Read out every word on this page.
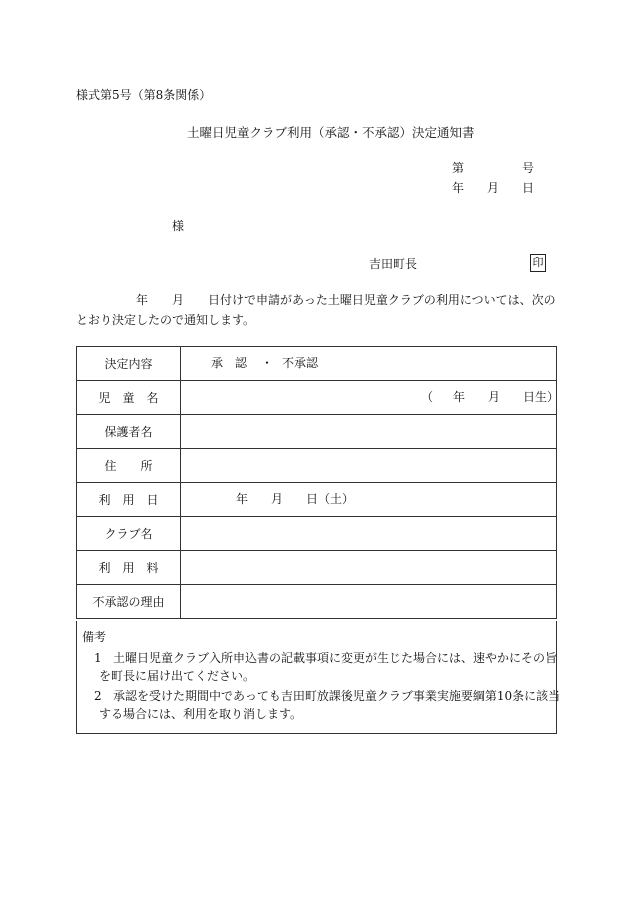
様式第5号（第8条関係）
土曜日児童クラブ利用（承認・不承認）決定通知書
第	号
年 月 日
様
吉田町長	印
年 月 日付けで申請があった土曜日児童クラブの利用については、次の
とおり決定したので通知します。
決定内容	承　認 ・ 不承認

児　童　名	（ 年 月 日生）

保護者名	
住　　所	
利　用　日	年 月 日（土）

クラブ名	
利　用　料	
不承認の理由	
備考
1 土曜日児童クラブ入所申込書の記載事項に変更が生じた場合には、速やかにその旨
を町長に届け出てください。
2 承認を受けた期間中であっても吉田町放課後児童クラブ事業実施要綱第10条に該当
する場合には、利用を取り消します。
